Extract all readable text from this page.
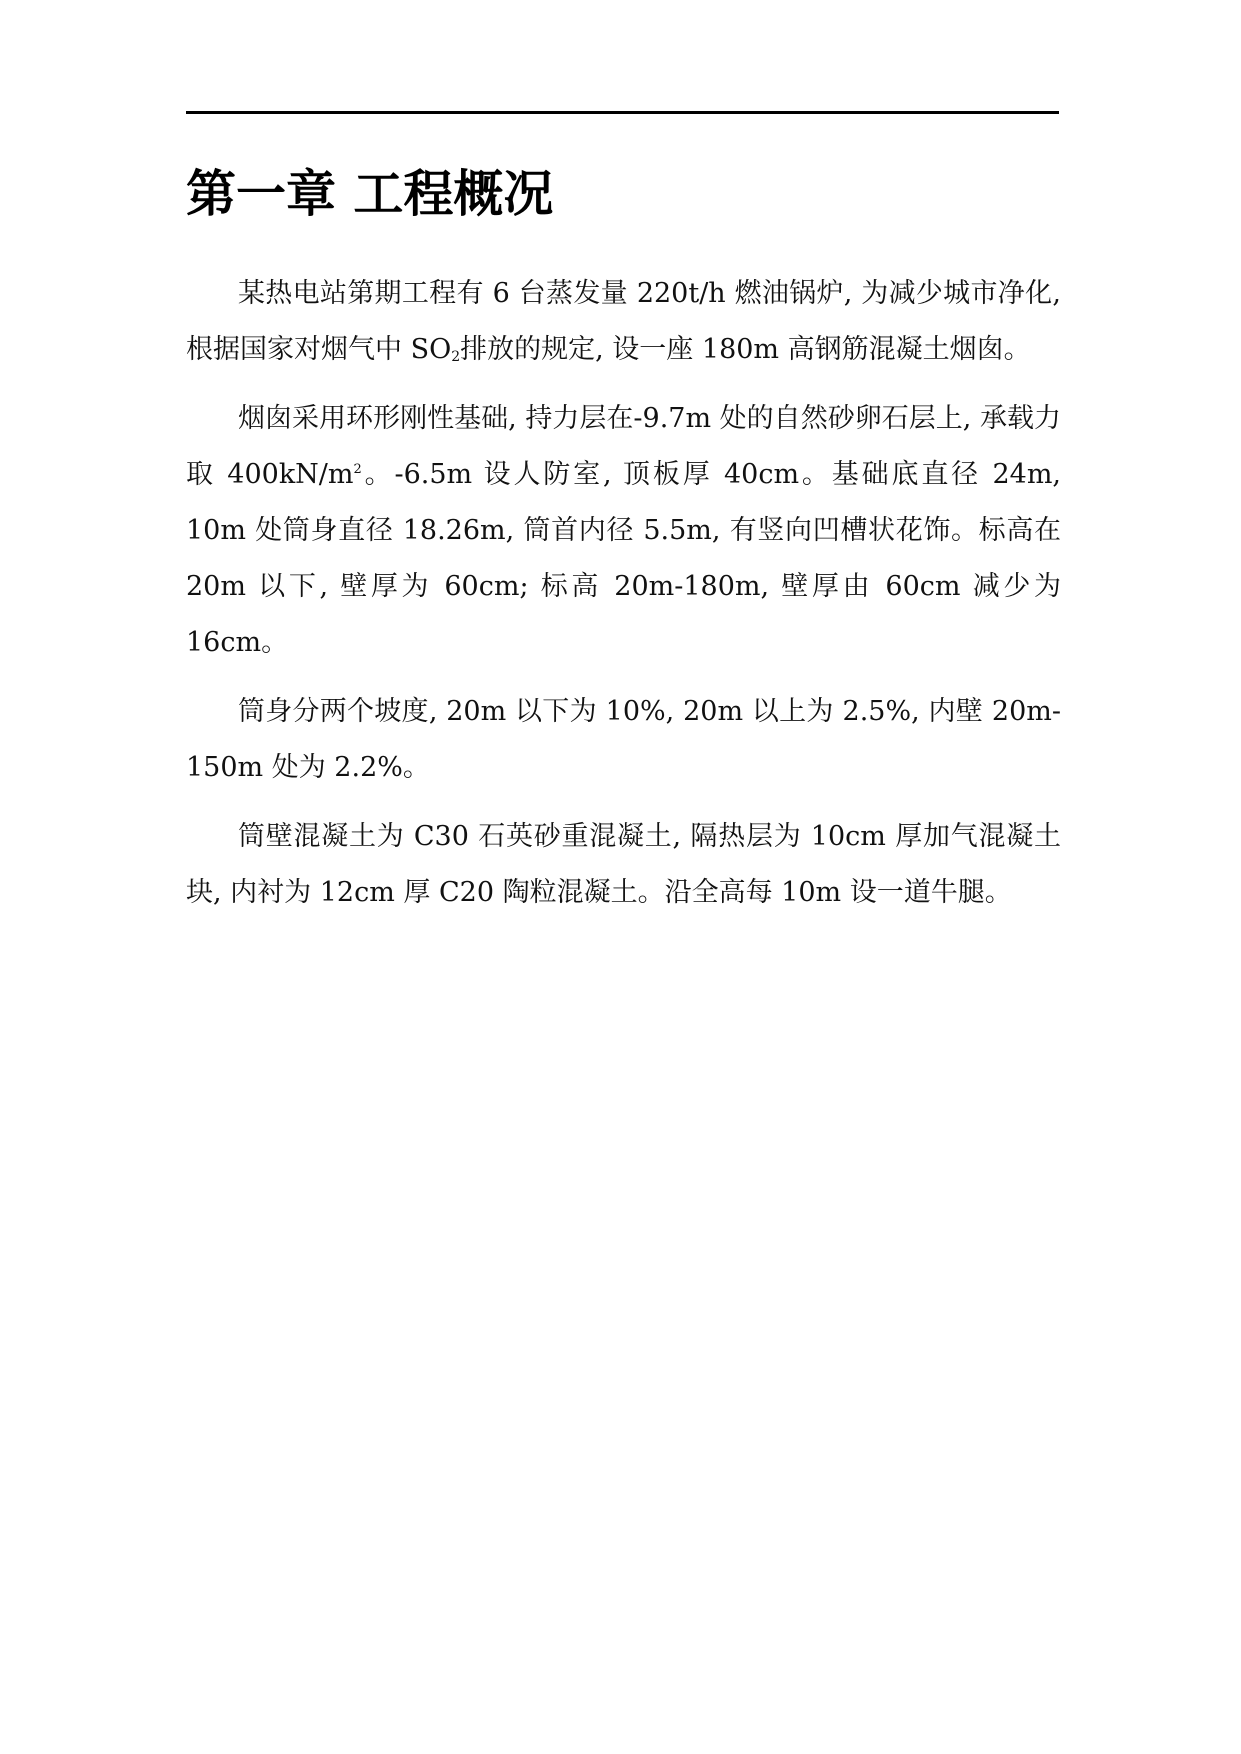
第一章 工程概况

某热电站第期工程有 6 台蒸发量 220t/h 燃油锅炉, 为减少城市净化, 根据国家对烟气中 $SO_2$排放的规定, 设一座 180m 高钢筋混凝土烟囱。

烟囱采用环形刚性基础, 持力层在-9.7m 处的自然砂卵石层上, 承载力取 $400kN/m^2$。-6.5m 设人防室, 顶板厚 40cm。基础底直径 24m, 10m 处筒身直径 18.26m, 筒首内径 5.5m, 有竖向凹槽状花饰。标高在 20m 以下, 壁厚为 60cm; 标高 20m-180m, 壁厚由 60cm 减少为 16cm。

筒身分两个坡度, 20m 以下为 10%, 20m 以上为 2.5%, 内壁 20m-150m 处为 2.2%。

筒壁混凝土为 C30 石英砂重混凝土, 隔热层为 10cm 厚加气混凝土块, 内衬为 12cm 厚 C20 陶粒混凝土。沿全高每 10m 设一道牛腿。
